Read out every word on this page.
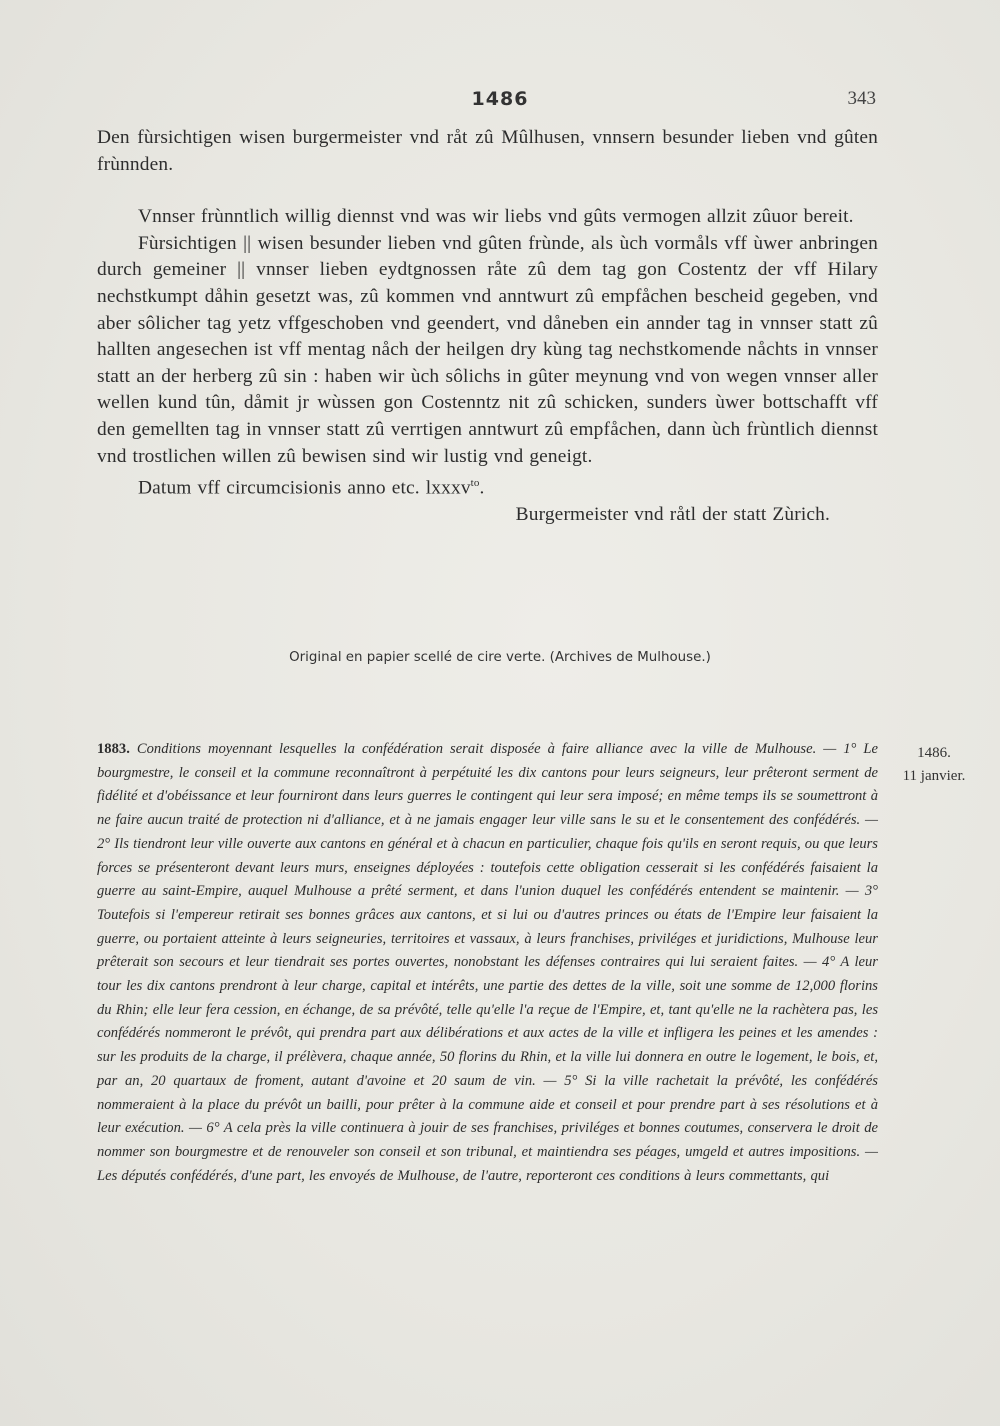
1486	343

Den fùrsichtigen wisen burgermeister vnd råt zû Mûlhusen, vnnsern besunder lieben vnd gûten frùnnden.

Vnnser frùnntlich willig diennst vnd was wir liebs vnd gûts vermogen allzit zûuor bereit.

Fùrsichtigen || wisen besunder lieben vnd gûten frùnde, als ùch vormåls vff ùwer anbringen durch gemeiner || vnnser lieben eydtgnossen råte zû dem tag gon Costentz der vff Hilary nechstkumpt dåhin gesetzt was, zû kommen vnd anntwurt zû empfåchen bescheid gegeben, vnd aber sôlicher tag yetz vffgeschoben vnd geendert, vnd dåneben ein annder tag in vnnser statt zû hallten angesechen ist vff mentag nåch der heilgen dry kùng tag nechstkomende nåchts in vnnser statt an der herberg zû sin : haben wir ùch sôlichs in gûter meynung vnd von wegen vnnser aller wellen kund tûn, dåmit jr wùssen gon Costenntz nit zû schicken, sunders ùwer bottschafft vff den gemellten tag in vnnser statt zû verrtigen anntwurt zû empfåchen, dann ùch frùntlich diennst vnd trostlichen willen zû bewisen sind wir lustig vnd geneigt.

Datum vff circumcisionis anno etc. lxxxv$^{to}$.

Burgermeister vnd råtl der statt Zùrich.

Original en papier scellé de cire verte. (Archives de Mulhouse.)
1883. Conditions moyennant lesquelles la confédération serait disposée à faire alliance avec la ville de Mulhouse. — 1° Le bourgmestre, le conseil et la commune reconnaîtront à perpétuité les dix cantons pour leurs seigneurs, leur prêteront serment de fidélité et d'obéissance et leur fourniront dans leurs guerres le contingent qui leur sera imposé; en même temps ils se soumettront à ne faire aucun traité de protection ni d'alliance, et à ne jamais engager leur ville sans le su et le consentement des confédérés. — 2° Ils tiendront leur ville ouverte aux cantons en général et à chacun en particulier, chaque fois qu'ils en seront requis, ou que leurs forces se présenteront devant leurs murs, enseignes déployées : toutefois cette obligation cesserait si les confédérés faisaient la guerre au saint-Empire, auquel Mulhouse a prêté serment, et dans l'union duquel les confédérés entendent se maintenir. — 3° Toutefois si l'empereur retirait ses bonnes grâces aux cantons, et si lui ou d'autres princes ou états de l'Empire leur faisaient la guerre, ou portaient atteinte à leurs seigneuries, territoires et vassaux, à leurs franchises, priviléges et juridictions, Mulhouse leur prêterait son secours et leur tiendrait ses portes ouvertes, nonobstant les défenses contraires qui lui seraient faites. — 4° A leur tour les dix cantons prendront à leur charge, capital et intérêts, une partie des dettes de la ville, soit une somme de 12,000 florins du Rhin; elle leur fera cession, en échange, de sa prévôté, telle qu'elle l'a reçue de l'Empire, et, tant qu'elle ne la rachètera pas, les confédérés nommeront le prévôt, qui prendra part aux délibérations et aux actes de la ville et infligera les peines et les amendes : sur les produits de la charge, il prélèvera, chaque année, 50 florins du Rhin, et la ville lui donnera en outre le logement, le bois, et, par an, 20 quartaux de froment, autant d'avoine et 20 saum de vin. — 5° Si la ville rachetait la prévôté, les confédérés nommeraient à la place du prévôt un bailli, pour prêter à la commune aide et conseil et pour prendre part à ses résolutions et à leur exécution. — 6° A cela près la ville continuera à jouir de ses franchises, priviléges et bonnes coutumes, conservera le droit de nommer son bourgmestre et de renouveler son conseil et son tribunal, et maintiendra ses péages, umgeld et autres impositions. — Les députés confédérés, d'une part, les envoyés de Mulhouse, de l'autre, reporteront ces conditions à leurs commettants, qui
1486.
11 janvier.
